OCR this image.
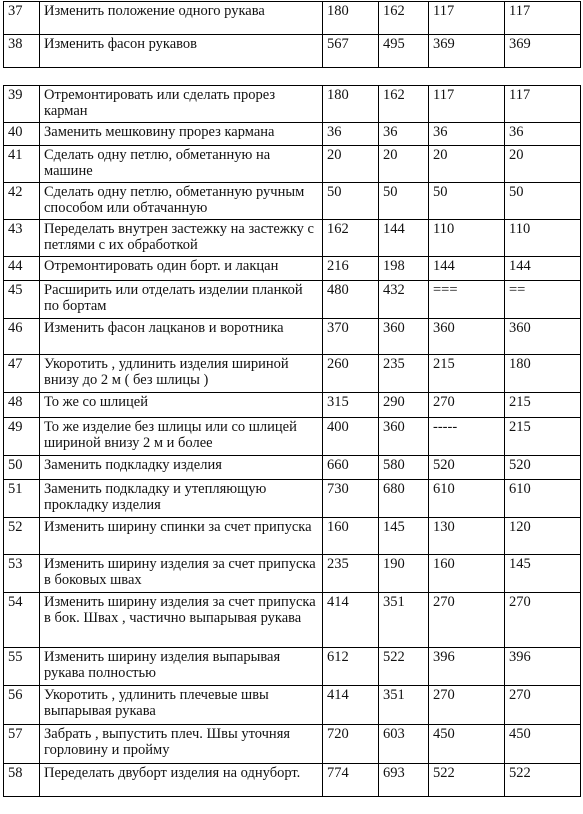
37	Изменить положение одного рукава	180	162	117	117
38	Изменить фасон рукавов	567	495	369	369
39	Отремонтировать или сделать прорез карман	180	162	117	117
40	Заменить мешковину прорез кармана	36	36	36	36
41	Сделать одну петлю, обметанную на машине	20	20	20	20
42	Сделать одну петлю, обметанную ручным способом или обтачанную	50	50	50	50
43	Переделать внутрен застежку на застежку с петлями с их обработкой	162	144	110	110
44	Отремонтировать один борт. и лакцан	216	198	144	144
45	Расширить или отделать изделии планкой по бортам	480	432	===	==
46	Изменить фасон лацканов и воротника	370	360	360	360
47	Укоротить , удлинить изделия шириной внизу до 2 м ( без шлицы )	260	235	215	180
48	То же со шлицей	315	290	270	215
49	То же изделие без шлицы или со шлицей шириной внизу 2 м и более	400	360	-----	215
50	Заменить подкладку изделия	660	580	520	520
51	Заменить подкладку и утепляющую прокладку изделия	730	680	610	610
52	Изменить ширину спинки за счет припуска	160	145	130	120
53	Изменить ширину изделия за счет припуска в боковых швах	235	190	160	145
54	Изменить ширину изделия за счет припуска в бок. Швах , частично выпарывая рукава	414	351	270	270
55	Изменить ширину изделия выпарывая рукава полностью	612	522	396	396
56	Укоротить , удлинить плечевые швы выпарывая рукава	414	351	270	270
57	Забрать , выпустить плеч. Швы уточняя горловину и пройму	720	603	450	450
58	Переделать двуборт изделия на однуборт.	774	693	522	522
